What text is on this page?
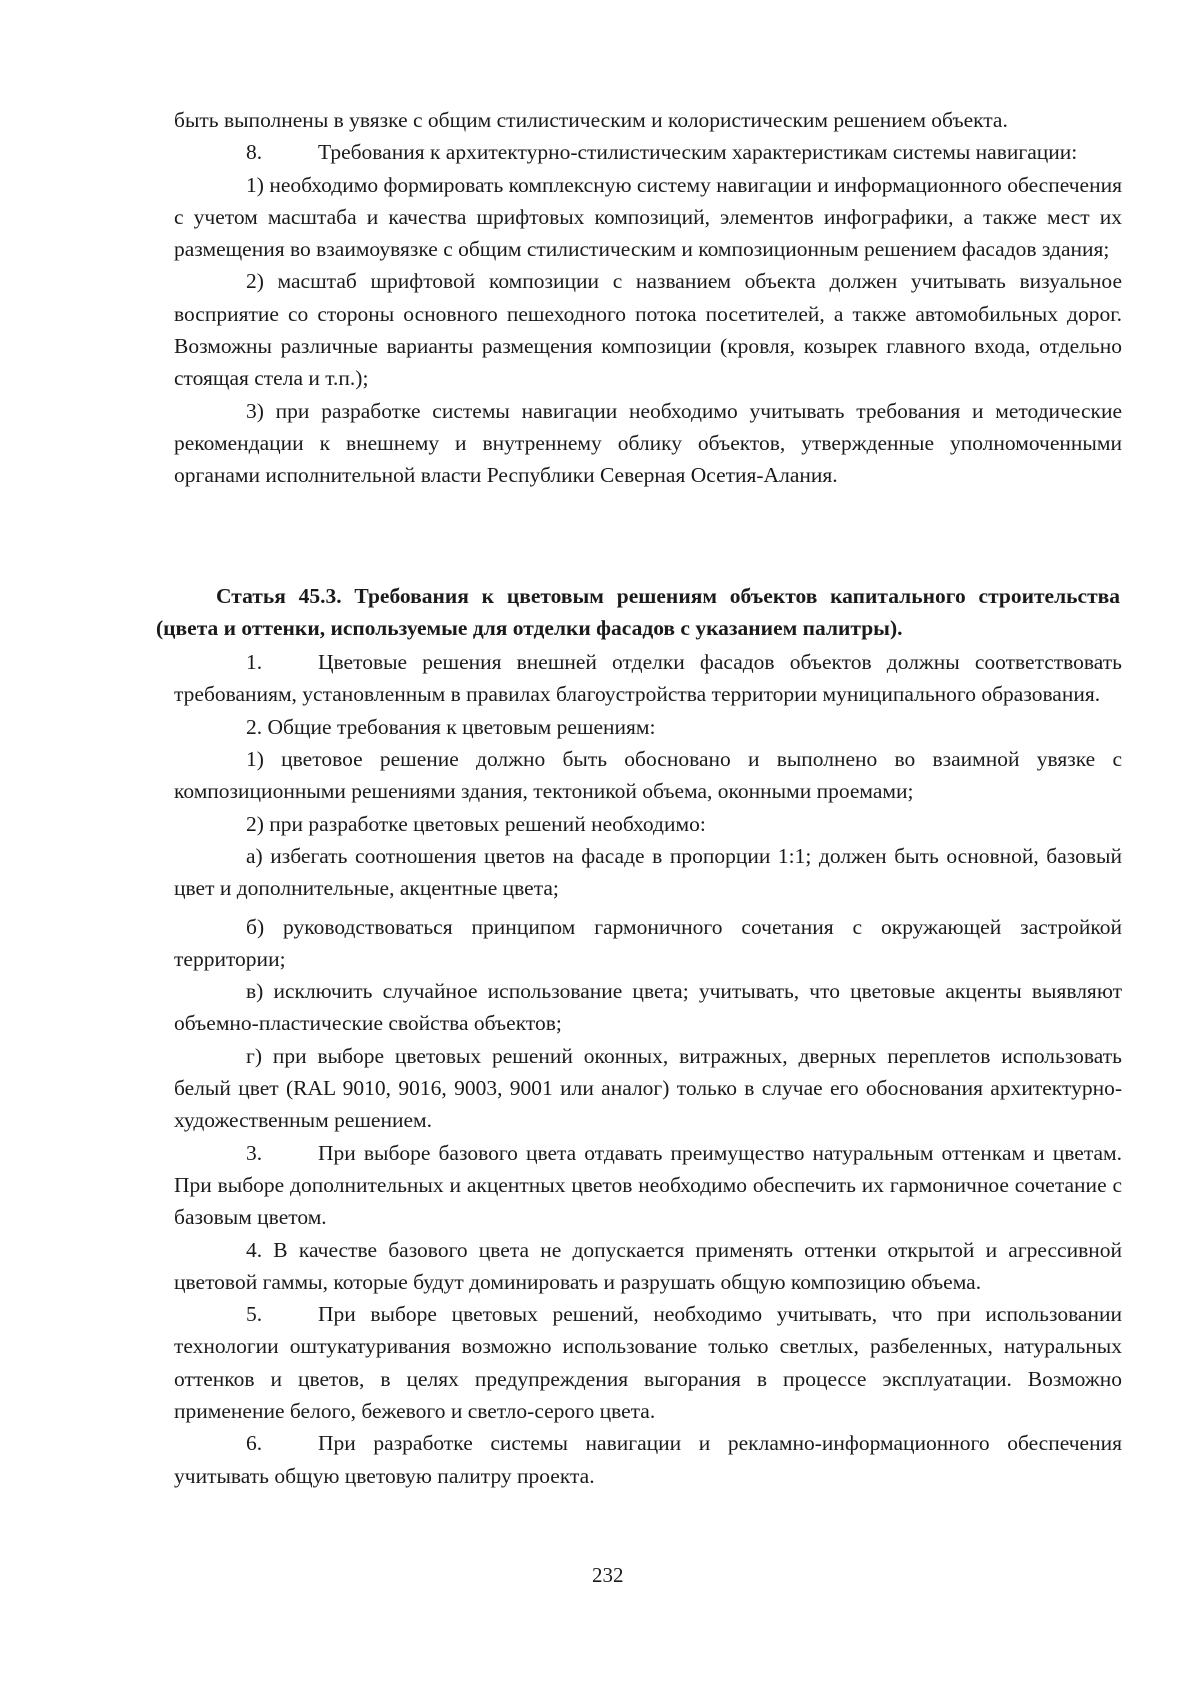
быть выполнены в увязке с общим стилистическим и колористическим решением объекта.

8.	Требования к архитектурно-стилистическим характеристикам системы навигации:

1) необходимо формировать комплексную систему навигации и информационного обеспечения с учетом масштаба и качества шрифтовых композиций, элементов инфографики, а также мест их размещения во взаимоувязке с общим стилистическим и композиционным решением фасадов здания;

2) масштаб шрифтовой композиции с названием объекта должен учитывать визуальное восприятие со стороны основного пешеходного потока посетителей, а также автомобильных дорог. Возможны различные варианты размещения композиции (кровля, козырек главного входа, отдельно стоящая стела и т.п.);

3) при разработке системы навигации необходимо учитывать требования и методические рекомендации к внешнему и внутреннему облику объектов, утвержденные уполномоченными органами исполнительной власти Республики Северная Осетия-Алания.

Статья 45.3. Требования к цветовым решениям объектов капитального строительства (цвета и оттенки, используемые для отделки фасадов с указанием палитры).

1.	Цветовые решения внешней отделки фасадов объектов должны соответствовать требованиям, установленным в правилах благоустройства территории муниципального образования.

2. Общие требования к цветовым решениям:

1) цветовое решение должно быть обосновано и выполнено во взаимной увязке с композиционными решениями здания, тектоникой объема, оконными проемами;

2) при разработке цветовых решений необходимо:

а) избегать соотношения цветов на фасаде в пропорции 1:1; должен быть основной, базовый цвет и дополнительные, акцентные цвета;

б) руководствоваться принципом гармоничного сочетания с окружающей застройкой территории;

в) исключить случайное использование цвета; учитывать, что цветовые акценты выявляют объемно-пластические свойства объектов;

г) при выборе цветовых решений оконных, витражных, дверных переплетов использовать белый цвет (RAL 9010, 9016, 9003, 9001 или аналог) только в случае его обоснования архитектурно-художественным решением.

3.	При выборе базового цвета отдавать преимущество натуральным оттенкам и цветам. При выборе дополнительных и акцентных цветов необходимо обеспечить их гармоничное сочетание с базовым цветом.

4. В качестве базового цвета не допускается применять оттенки открытой и агрессивной цветовой гаммы, которые будут доминировать и разрушать общую композицию объема.

5.	При выборе цветовых решений, необходимо учитывать, что при использовании технологии оштукатуривания возможно использование только светлых, разбеленных, натуральных оттенков и цветов, в целях предупреждения выгорания в процессе эксплуатации. Возможно применение белого, бежевого и светло-серого цвета.

6.	При разработке системы навигации и рекламно-информационного обеспечения учитывать общую цветовую палитру проекта.

232
